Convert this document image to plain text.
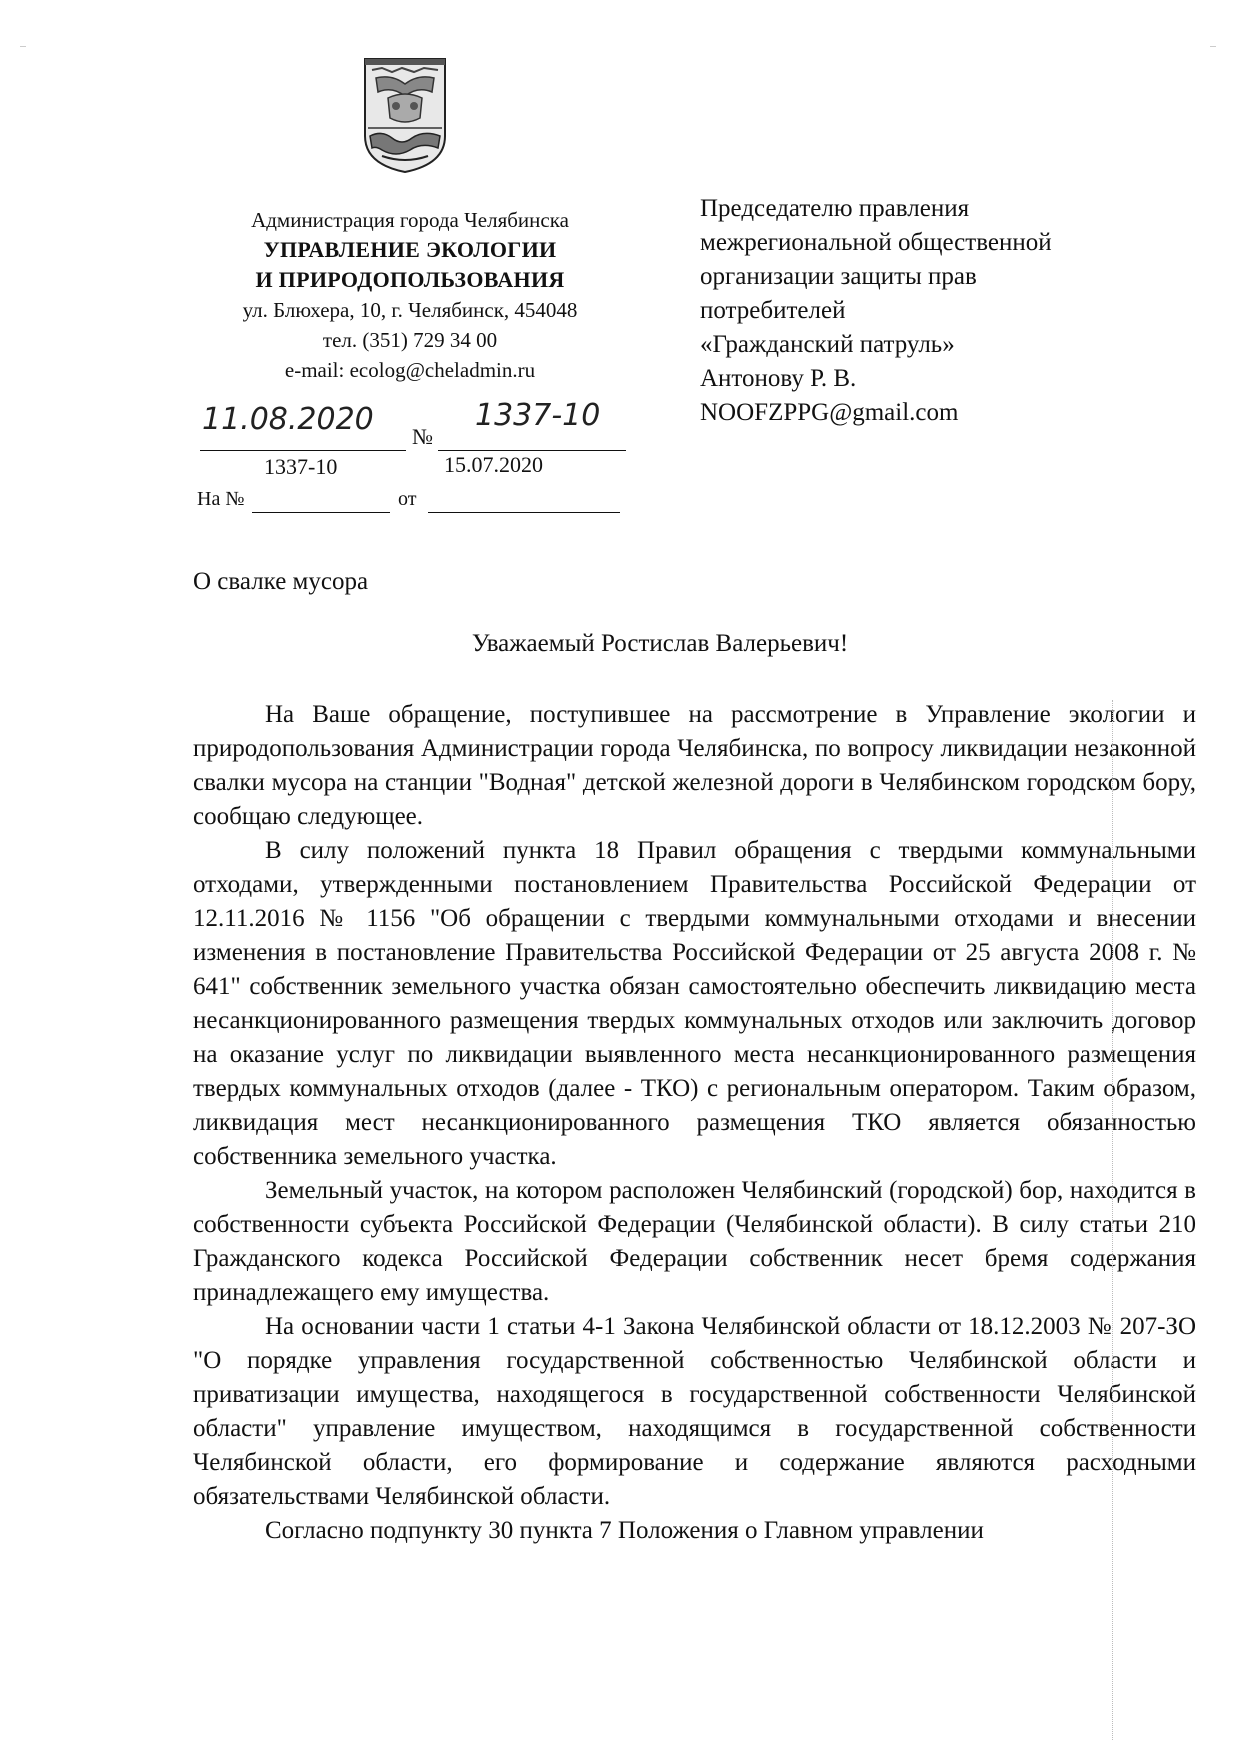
Администрация города Челябинска
УПРАВЛЕНИЕ ЭКОЛОГИИ
И ПРИРОДОПОЛЬЗОВАНИЯ
ул. Блюхера, 10, г. Челябинск, 454048
тел. (351) 729 34 00
e-mail: ecolog@cheladmin.ru
Председателю правления
межрегиональной общественной
организации защиты прав
потребителей
«Гражданский патруль»
Антонову Р. В.
NOOFZPPG@gmail.com
11.08.2020 №
1337-10
1337-10	15.07.2020
На №	от
О свалке мусора
Уважаемый Ростислав Валерьевич!

На Ваше обращение, поступившее на рассмотрение в Управление экологии и природопользования Администрации города Челябинска, по вопросу ликвидации незаконной свалки мусора на станции "Водная" детской железной дороги в Челябинском городском бору, сообщаю следующее.

В силу положений пункта 18 Правил обращения с твердыми коммунальными отходами, утвержденными постановлением Правительства Российской Федерации от 12.11.2016 № 1156 "Об обращении с твердыми коммунальными отходами и внесении изменения в постановление Правительства Российской Федерации от 25 августа 2008 г. № 641" собственник земельного участка обязан самостоятельно обеспечить ликвидацию места несанкционированного размещения твердых коммунальных отходов или заключить договор на оказание услуг по ликвидации выявленного места несанкционированного размещения твердых коммунальных отходов (далее - ТКО) с региональным оператором. Таким образом, ликвидация мест несанкционированного размещения ТКО является обязанностью собственника земельного участка.

Земельный участок, на котором расположен Челябинский (городской) бор, находится в собственности субъекта Российской Федерации (Челябинской области). В силу статьи 210 Гражданского кодекса Российской Федерации собственник несет бремя содержания принадлежащего ему имущества.

На основании части 1 статьи 4-1 Закона Челябинской области от 18.12.2003 № 207-ЗО "О порядке управления государственной собственностью Челябинской области и приватизации имущества, находящегося в государственной собственности Челябинской области" управление имуществом, находящимся в государственной собственности Челябинской области, его формирование и содержание являются расходными обязательствами Челябинской области.

Согласно подпункту 30 пункта 7 Положения о Главном управлении
